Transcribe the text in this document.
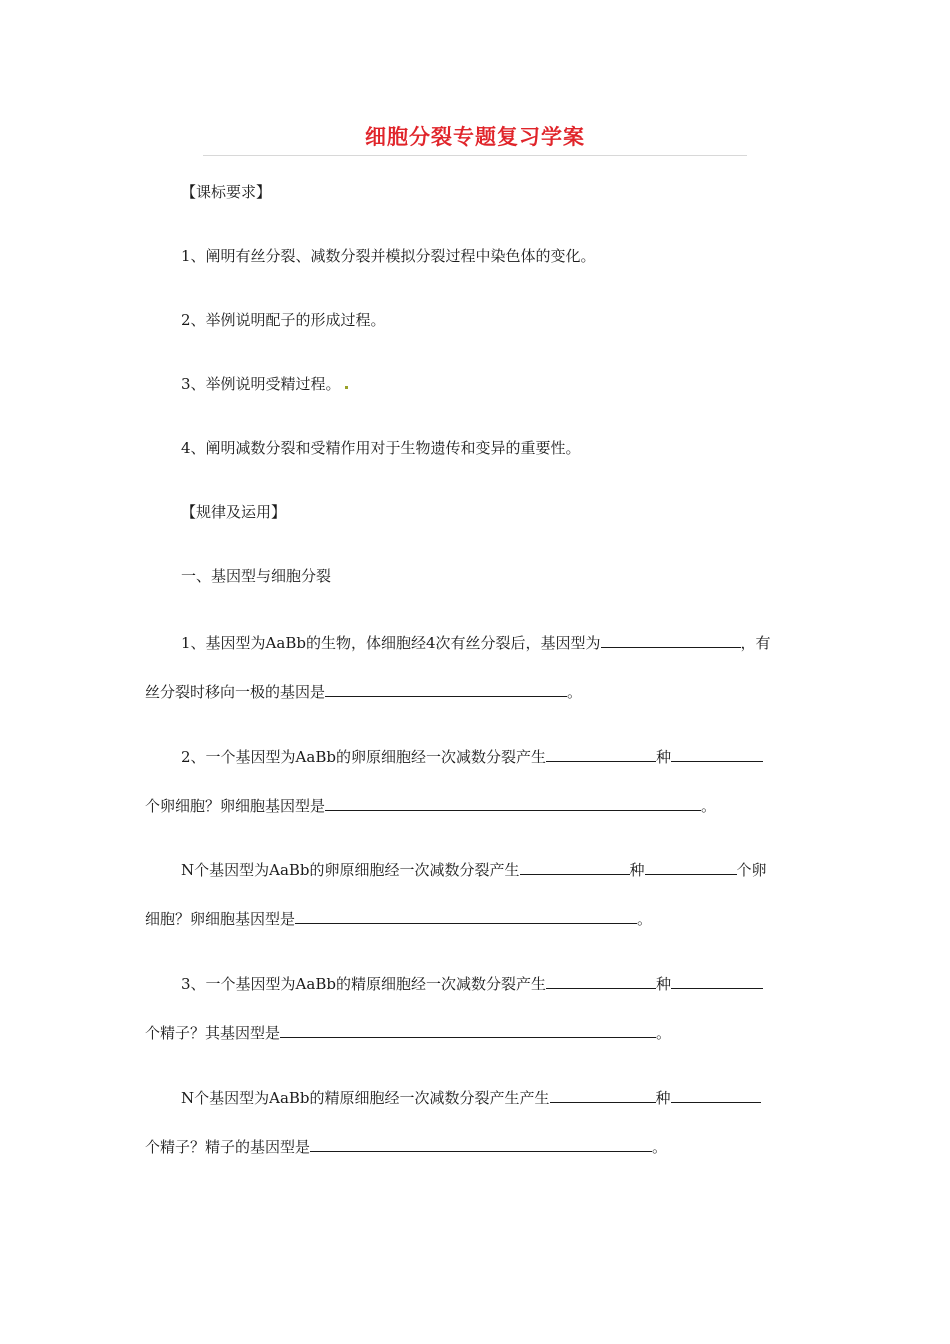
细胞分裂专题复习学案
【课标要求】
1、阐明有丝分裂、减数分裂并模拟分裂过程中染色体的变化。
2、举例说明配子的形成过程。
3、举例说明受精过程。
4、阐明减数分裂和受精作用对于生物遗传和变异的重要性。
【规律及运用】
一、基因型与细胞分裂
1、基因型为AaBb的生物，体细胞经4次有丝分裂后，基因型为	，有
丝分裂时移向一极的基因是	。
2、一个基因型为AaBb的卵原细胞经一次减数分裂产生	种
个卵细胞？卵细胞基因型是	。
N个基因型为AaBb的卵原细胞经一次减数分裂产生	种	个卵
细胞？卵细胞基因型是	。
3、一个基因型为AaBb的精原细胞经一次减数分裂产生	种
个精子？其基因型是	。
N个基因型为AaBb的精原细胞经一次减数分裂产生产生	种
个精子？精子的基因型是	。
